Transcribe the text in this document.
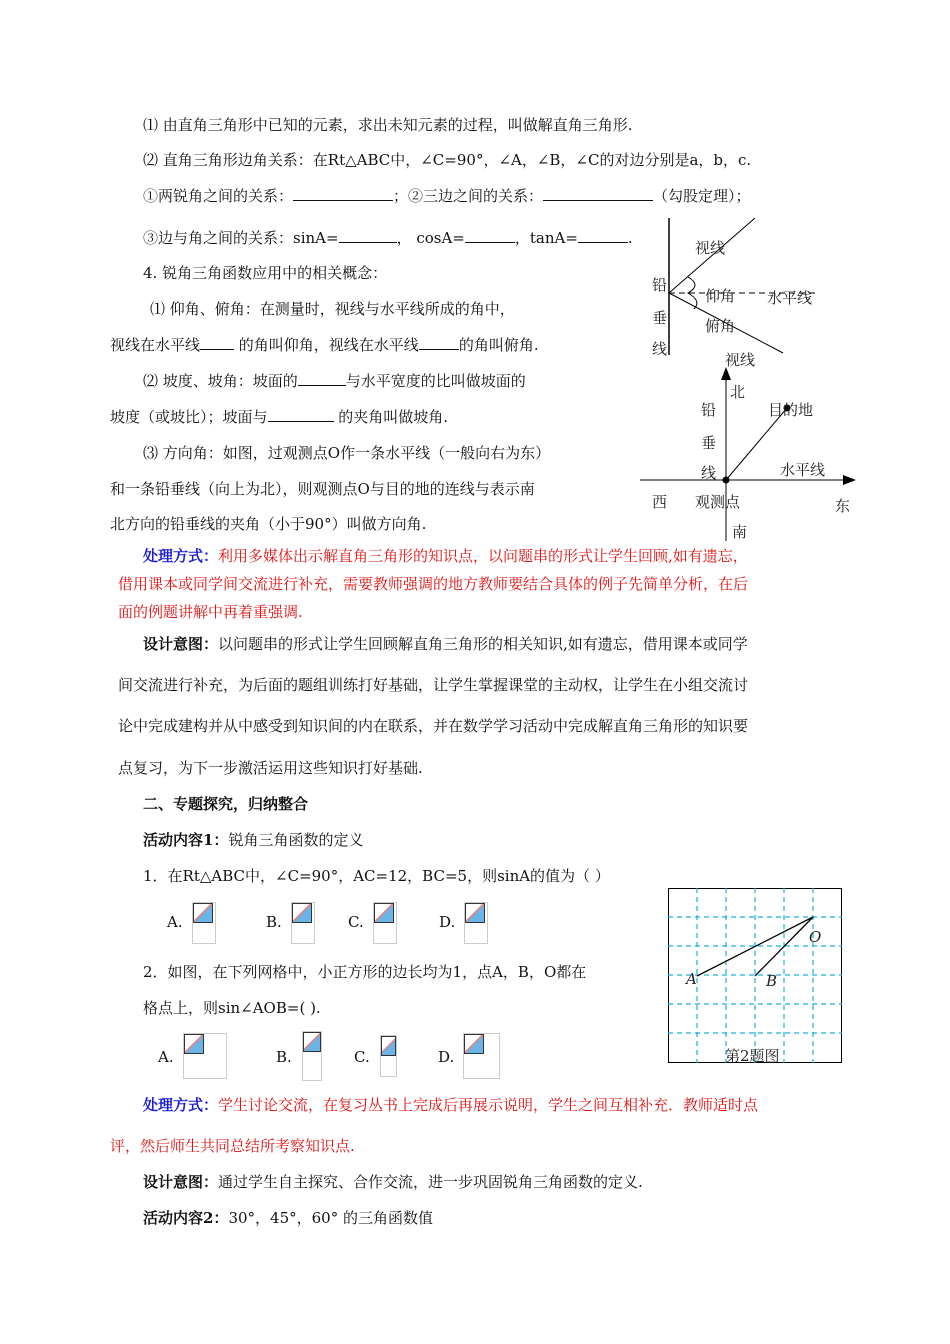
⑴ 由直角三角形中已知的元素，求出未知元素的过程，叫做解直角三角形.
⑵ 直角三角形边角关系：在Rt△ABC中，∠C=90°，∠A，∠B，∠C的对边分别是a，b，c.
①两锐角之间的关系：	；②三边之间的关系：	（勾股定理）；
③边与角之间的关系：sinA=	， cosA=	，tanA=	.
4. 锐角三角函数应用中的相关概念：
⑴ 仰角、俯角：在测量时，视线与水平线所成的角中，
视线在水平线	的角叫仰角，视线在水平线	的角叫俯角.
⑵ 坡度、坡角：坡面的	与水平宽度的比叫做坡面的
坡度（或坡比）；坡面与	的夹角叫做坡角.
⑶ 方向角：如图，过观测点O作一条水平线（一般向右为东）
和一条铅垂线（向上为北），则观测点O与目的地的连线与表示南
北方向的铅垂线的夹角（小于90°）叫做方向角.
视线
铅
垂
线
仰角 水平线
俯角
视线
北
铅
垂
线
目的地
水平线
西 观测点	东
南
处理方式：利用多媒体出示解直角三角形的知识点，以问题串的形式让学生回顾,如有遗忘，
借用课本或同学间交流进行补充，需要教师强调的地方教师要结合具体的例子先简单分析，在后
面的例题讲解中再着重强调.
设计意图：以问题串的形式让学生回顾解直角三角形的相关知识,如有遗忘，借用课本或同学
间交流进行补充，为后面的题组训练打好基础，让学生掌握课堂的主动权，让学生在小组交流讨
论中完成建构并从中感受到知识间的内在联系，并在数学学习活动中完成解直角三角形的知识要
点复习，为下一步激活运用这些知识打好基础.
二、专题探究，归纳整合
活动内容1：锐角三角函数的定义
1．在Rt△ABC中，∠C=90°，AC=12，BC=5，则sinA的值为（ ）
A.	B.	C.	D.
2．如图，在下列网格中，小正方形的边长均为1，点A，B，O都在
格点上，则sin∠AOB=( ).
A.	B.	C.	D.
A	B
O
第2题图
处理方式：学生讨论交流，在复习丛书上完成后再展示说明，学生之间互相补充．教师适时点
评，然后师生共同总结所考察知识点.
设计意图：通过学生自主探究、合作交流，进一步巩固锐角三角函数的定义.
活动内容2：30°，45°，60° 的三角函数值
